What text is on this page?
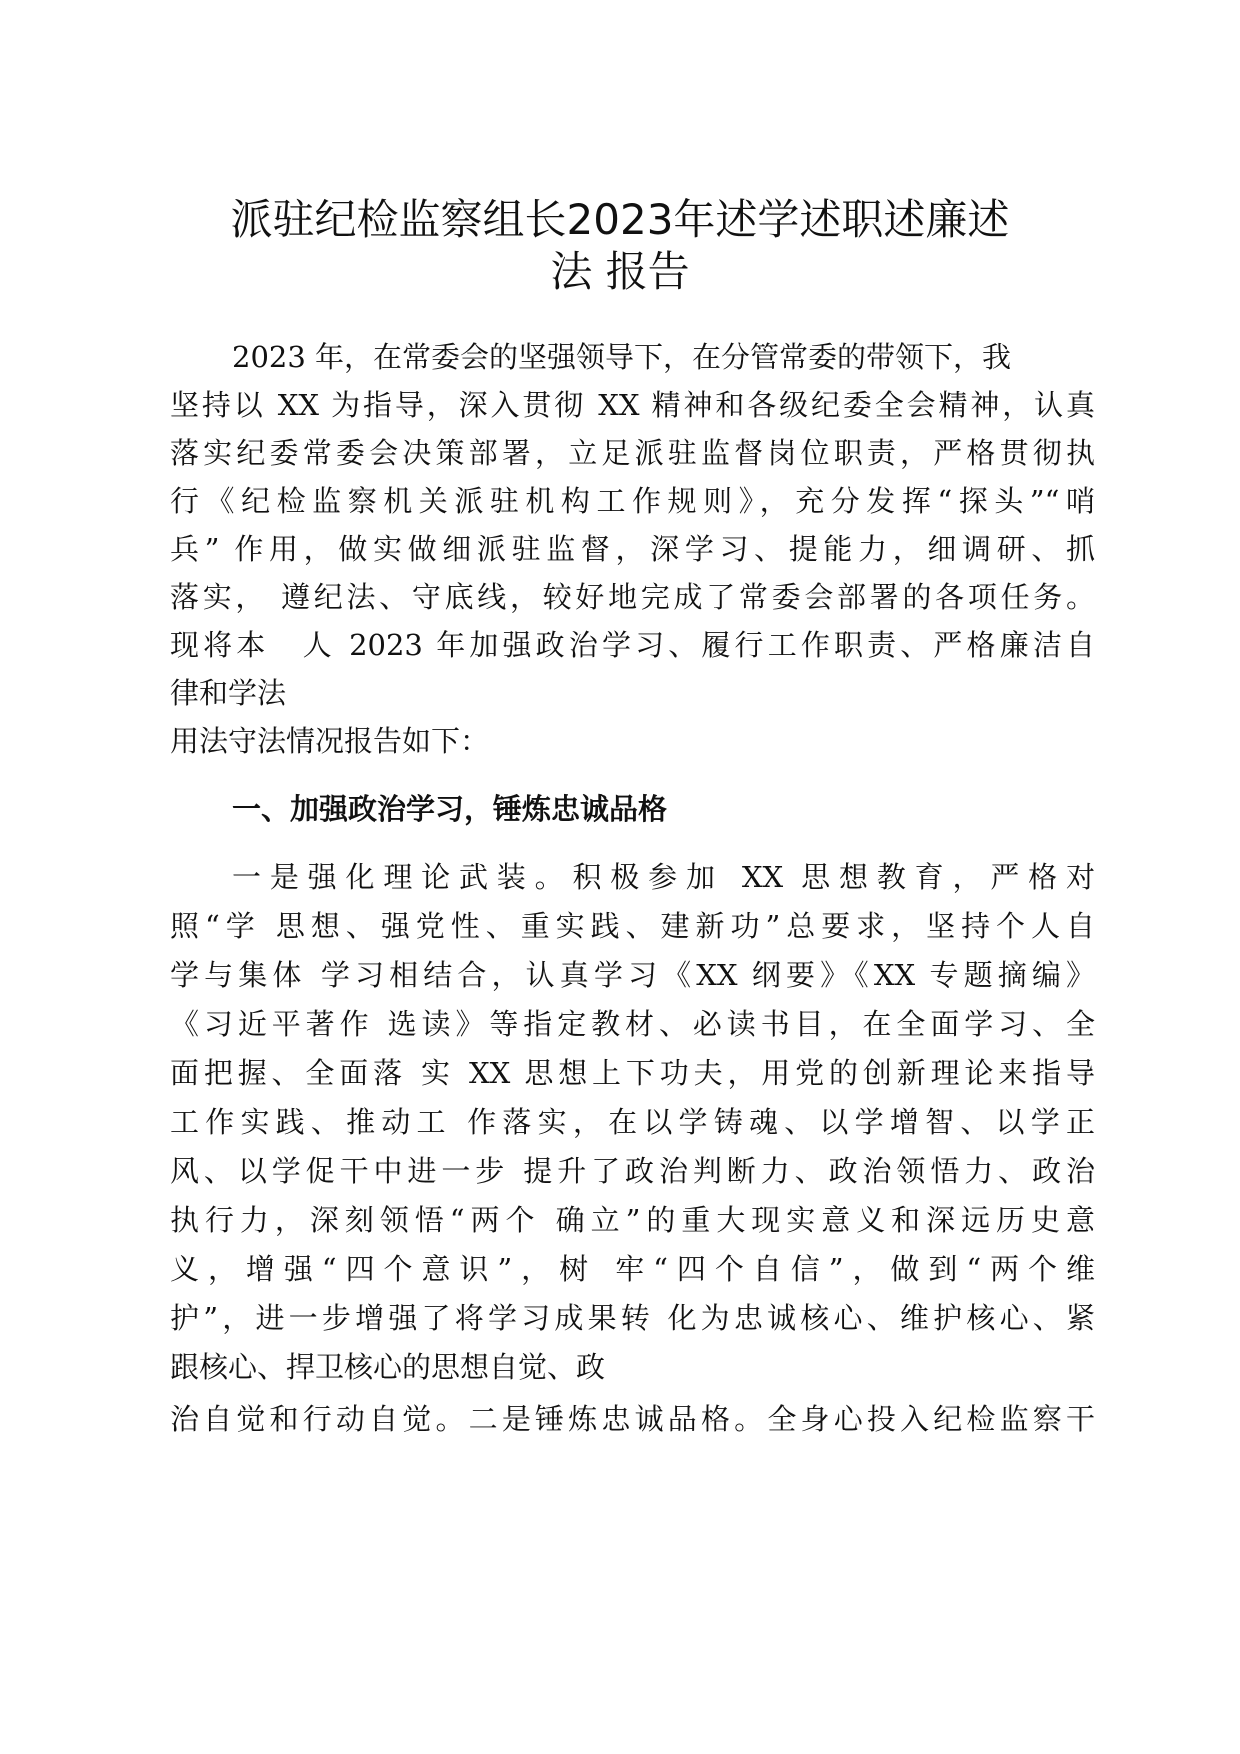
派驻纪检监察组长2023年述学述职述廉述
法 报告

2023 年，在常委会的坚强领导下，在分管常委的带领下，我

坚持以 XX 为指导，深入贯彻 XX 精神和各级纪委全会精神，认真

落实纪委常委会决策部署，立足派驻监督岗位职责，严格贯彻执

行《纪检监察机关派驻机构工作规则》，充分发挥“探头”“哨

兵” 作用，做实做细派驻监督，深学习、提能力，细调研、抓

落实， 遵纪法、守底线，较好地完成了常委会部署的各项任务。

现将本　人 2023 年加强政治学习、履行工作职责、严格廉洁自

律和学法

用法守法情况报告如下：

一、加强政治学习，锤炼忠诚品格

一是强化理论武装。积极参加 XX 思想教育，严格对

照“学 思想、强党性、重实践、建新功”总要求，坚持个人自

学与集体 学习相结合，认真学习《XX 纲要》《XX 专题摘编》

《习近平著作 选读》等指定教材、必读书目，在全面学习、全

面把握、全面落 实 XX 思想上下功夫，用党的创新理论来指导

工作实践、推动工 作落实，在以学铸魂、以学增智、以学正

风、以学促干中进一步 提升了政治判断力、政治领悟力、政治

执行力，深刻领悟“两个 确立”的重大现实意义和深远历史意

义，增强“四个意识”，树 牢“四个自信”，做到“两个维

护”，进一步增强了将学习成果转 化为忠诚核心、维护核心、紧

跟核心、捍卫核心的思想自觉、政

治自觉和行动自觉。二是锤炼忠诚品格。全身心投入纪检监察干
